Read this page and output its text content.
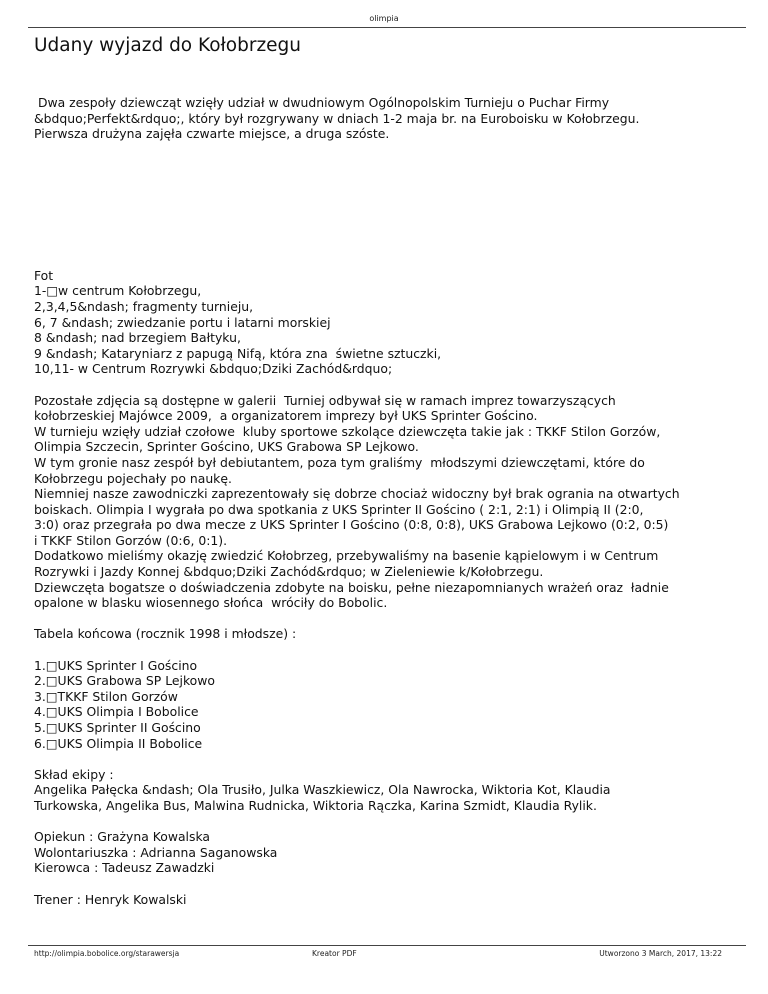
olimpia
Udany wyjazd do Kołobrzegu
Dwa zespoły dziewcząt wzięły udział w dwudniowym Ogólnopolskim Turnieju o Puchar Firmy
&bdquo;Perfekt&rdquo;, który był rozgrywany w dniach 1-2 maja br. na Euroboisku w Kołobrzegu.
Pierwsza drużyna zajęła czwarte miejsce, a druga szóste.
Fot
1-□w centrum Kołobrzegu,
2,3,4,5&ndash; fragmenty turnieju,
6, 7 &ndash; zwiedzanie portu i latarni morskiej
8 &ndash; nad brzegiem Bałtyku,
9 &ndash; Kataryniarz z papugą Nifą, która zna  świetne sztuczki,
10,11- w Centrum Rozrywki &bdquo;Dziki Zachód&rdquo;
Pozostałe zdjęcia są dostępne w galerii  Turniej odbywał się w ramach imprez towarzyszących
kołobrzeskiej Majówce 2009,  a organizatorem imprezy był UKS Sprinter Gościno.
W turnieju wzięły udział czołowe  kluby sportowe szkolące dziewczęta takie jak : TKKF Stilon Gorzów,
Olimpia Szczecin, Sprinter Gościno, UKS Grabowa SP Lejkowo.
W tym gronie nasz zespół był debiutantem, poza tym graliśmy  młodszymi dziewczętami, które do
Kołobrzegu pojechały po naukę.
Niemniej nasze zawodniczki zaprezentowały się dobrze chociaż widoczny był brak ogrania na otwartych
boiskach. Olimpia I wygrała po dwa spotkania z UKS Sprinter II Gościno ( 2:1, 2:1) i Olimpią II (2:0,
3:0) oraz przegrała po dwa mecze z UKS Sprinter I Gościno (0:8, 0:8), UKS Grabowa Lejkowo (0:2, 0:5)
i TKKF Stilon Gorzów (0:6, 0:1).
Dodatkowo mieliśmy okazję zwiedzić Kołobrzeg, przebywaliśmy na basenie kąpielowym i w Centrum
Rozrywki i Jazdy Konnej &bdquo;Dziki Zachód&rdquo; w Zieleniewie k/Kołobrzegu.
Dziewczęta bogatsze o doświadczenia zdobyte na boisku, pełne niezapomnianych wrażeń oraz  ładnie
opalone w blasku wiosennego słońca  wróciły do Bobolic.
Tabela końcowa (rocznik 1998 i młodsze) :
1.□UKS Sprinter I Gościno
2.□UKS Grabowa SP Lejkowo
3.□TKKF Stilon Gorzów
4.□UKS Olimpia I Bobolice
5.□UKS Sprinter II Gościno
6.□UKS Olimpia II Bobolice
Skład ekipy :
Angelika Pałęcka &ndash; Ola Trusiło, Julka Waszkiewicz, Ola Nawrocka, Wiktoria Kot, Klaudia
Turkowska, Angelika Bus, Malwina Rudnicka, Wiktoria Rączka, Karina Szmidt, Klaudia Rylik.
Opiekun : Grażyna Kowalska
Wolontariuszka : Adrianna Saganowska
Kierowca : Tadeusz Zawadzki
Trener : Henryk Kowalski
http://olimpia.bobolice.org/starawersja	Kreator PDF	Utworzono 3 March, 2017, 13:22
